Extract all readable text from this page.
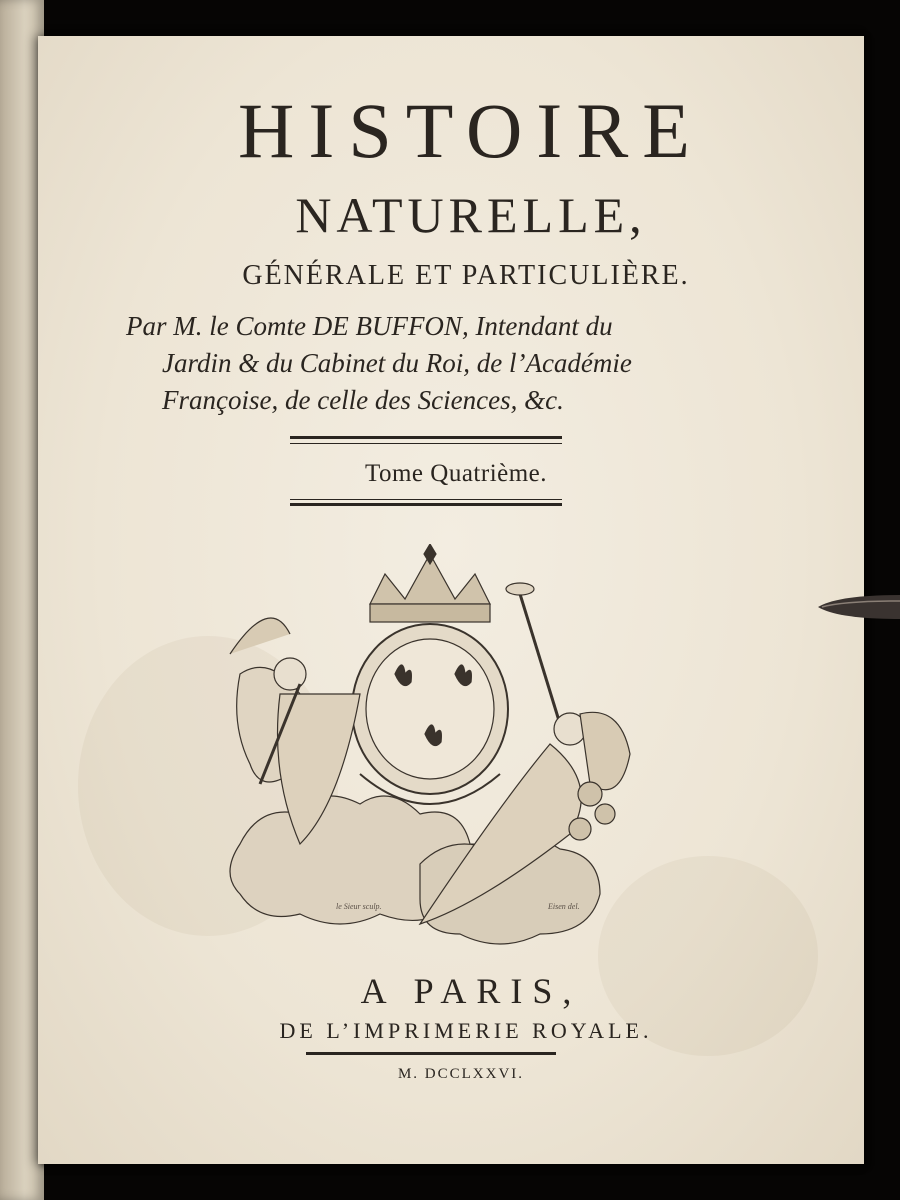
HISTOIRE
NATURELLE,
GÉNÉRALE ET PARTICULIÈRE.
Par M. le Comte DE BUFFON, Intendant du
Jardin & du Cabinet du Roi, de l’Académie
Françoise, de celle des Sciences, &c.
Tome Quatrième.
le Sieur sculp.	Eisen del.
A PARIS,
DE L’IMPRIMERIE ROYALE.
M. DCCLXXVI.
